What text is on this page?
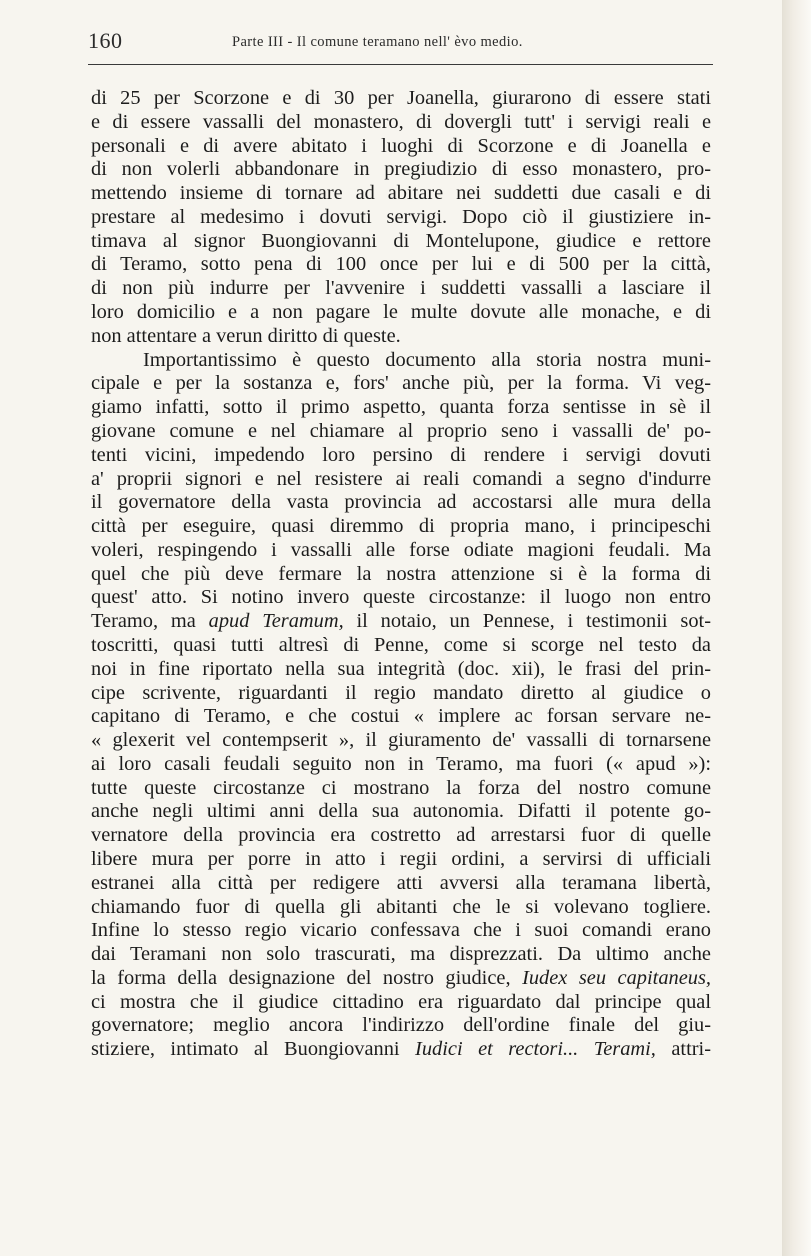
160	Parte III - Il comune teramano nell' èvo medio.
di 25 per Scorzone e di 30 per Joanella, giurarono di essere stati
e di essere vassalli del monastero, di dovergli tutt' i servigi reali e
personali e di avere abitato i luoghi di Scorzone e di Joanella e
di non volerli abbandonare in pregiudizio di esso monastero, pro-
mettendo insieme di tornare ad abitare nei suddetti due casali e di
prestare al medesimo i dovuti servigi. Dopo ciò il giustiziere in-
timava al signor Buongiovanni di Montelupone, giudice e rettore
di Teramo, sotto pena di 100 once per lui e di 500 per la città,
di non più indurre per l'avvenire i suddetti vassalli a lasciare il
loro domicilio e a non pagare le multe dovute alle monache, e di
non attentare a verun diritto di queste.
Importantissimo è questo documento alla storia nostra muni-
cipale e per la sostanza e, fors' anche più, per la forma. Vi veg-
giamo infatti, sotto il primo aspetto, quanta forza sentisse in sè il
giovane comune e nel chiamare al proprio seno i vassalli de' po-
tenti vicini, impedendo loro persino di rendere i servigi dovuti
a' proprii signori e nel resistere ai reali comandi a segno d'indurre
il governatore della vasta provincia ad accostarsi alle mura della
città per eseguire, quasi diremmo di propria mano, i principeschi
voleri, respingendo i vassalli alle forse odiate magioni feudali. Ma
quel che più deve fermare la nostra attenzione si è la forma di
quest' atto. Si notino invero queste circostanze: il luogo non entro
Teramo, ma apud Teramum, il notaio, un Pennese, i testimonii sot-
toscritti, quasi tutti altresì di Penne, come si scorge nel testo da
noi in fine riportato nella sua integrità (doc. xii), le frasi del prin-
cipe scrivente, riguardanti il regio mandato diretto al giudice o
capitano di Teramo, e che costui « implere ac forsan servare ne-
« glexerit vel contempserit », il giuramento de' vassalli di tornarsene
ai loro casali feudali seguito non in Teramo, ma fuori (« apud »):
tutte queste circostanze ci mostrano la forza del nostro comune
anche negli ultimi anni della sua autonomia. Difatti il potente go-
vernatore della provincia era costretto ad arrestarsi fuor di quelle
libere mura per porre in atto i regii ordini, a servirsi di ufficiali
estranei alla città per redigere atti avversi alla teramana libertà,
chiamando fuor di quella gli abitanti che le si volevano togliere.
Infine lo stesso regio vicario confessava che i suoi comandi erano
dai Teramani non solo trascurati, ma disprezzati. Da ultimo anche
la forma della designazione del nostro giudice, Iudex seu capitaneus,
ci mostra che il giudice cittadino era riguardato dal principe qual
governatore; meglio ancora l'indirizzo dell'ordine finale del giu-
stiziere, intimato al Buongiovanni Iudici et rectori... Terami, attri-
